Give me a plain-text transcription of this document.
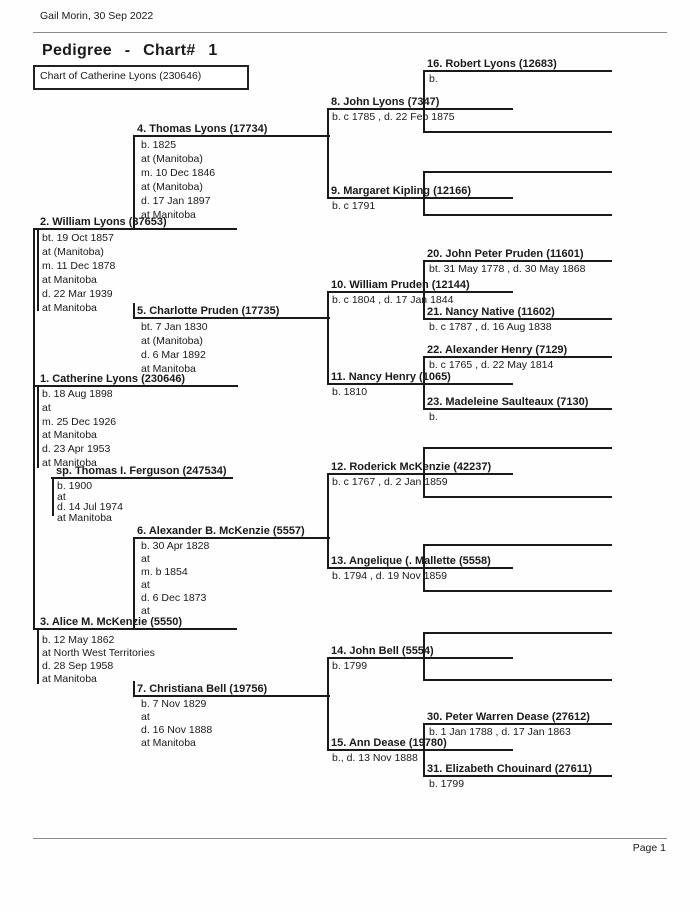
Gail Morin, 30 Sep 2022
Pedigree - Chart# 1
Chart of Catherine Lyons (230646)
16. Robert Lyons (12683)
b.
20. John Peter Pruden (11601)
bt. 31 May 1778 , d. 30 May 1868
21. Nancy Native (11602)
b. c 1787 , d. 16 Aug 1838
22. Alexander Henry (7129)
b. c 1765 , d. 22 May 1814
23. Madeleine Saulteaux (7130)
b.
30. Peter Warren Dease (27612)
b. 1 Jan 1788 , d. 17 Jan 1863
31. Elizabeth Chouinard (27611)
b. 1799
8. John Lyons (7347)
b. c 1785 , d. 22 Feb 1875
9. Margaret Kipling (12166)
b. c 1791
10. William Pruden (12144)
b. c 1804 , d. 17 Jan 1844
11. Nancy Henry (1065)
b. 1810
12. Roderick McKenzie (42237)
b. c 1767 , d. 2 Jan 1859
13. Angelique (. Mallette (5558)
b. 1794 , d. 19 Nov 1859
14. John Bell (5554)
b. 1799
15. Ann Dease (19780)
b., d. 13 Nov 1888
4. Thomas Lyons (17734)
b. 1825
at (Manitoba)
m. 10 Dec 1846
at (Manitoba)
d. 17 Jan 1897
at Manitoba
5. Charlotte Pruden (17735)
bt. 7 Jan 1830
at (Manitoba)
d. 6 Mar 1892
at Manitoba
6. Alexander B. McKenzie (5557)
b. 30 Apr 1828
at
m. b 1854
at
d. 6 Dec 1873
at
7. Christiana Bell (19756)
b. 7 Nov 1829
at
d. 16 Nov 1888
at Manitoba
2. William Lyons (37653)
bt. 19 Oct 1857
at (Manitoba)
m. 11 Dec 1878
at Manitoba
d. 22 Mar 1939
at Manitoba
1. Catherine Lyons (230646)
b. 18 Aug 1898
at
m. 25 Dec 1926
at Manitoba
d. 23 Apr 1953
at Manitoba
sp. Thomas I. Ferguson (247534)
b. 1900
at
d. 14 Jul 1974
at Manitoba
3. Alice M. McKenzie (5550)
b. 12 May 1862
at North West Territories
d. 28 Sep 1958
at Manitoba
Page 1
